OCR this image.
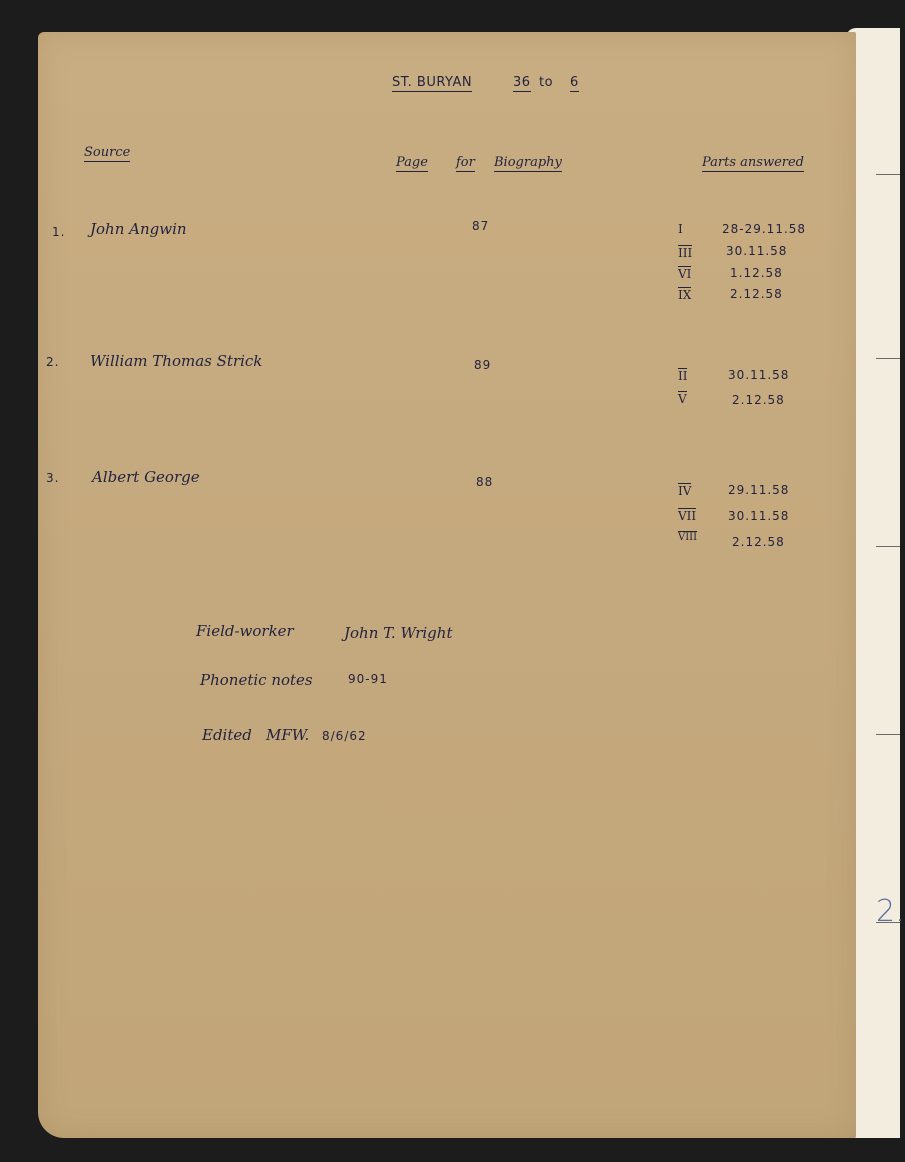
2.
ST. BURYAN	36 to 6
Source
Page for Biography	Parts answered
1. John Angwin	87	I	28-29.11.58
III	30.11.58
VI	1.12.58
IX	2.12.58
2. William Thomas Strick	89
II	30.11.58
V	2.12.58
3. Albert George	88
IV	29.11.58
VII	30.11.58
VIII	2.12.58
Field-worker	John T. Wright
Phonetic notes	90-91
Edited MFW. 8/6/62
